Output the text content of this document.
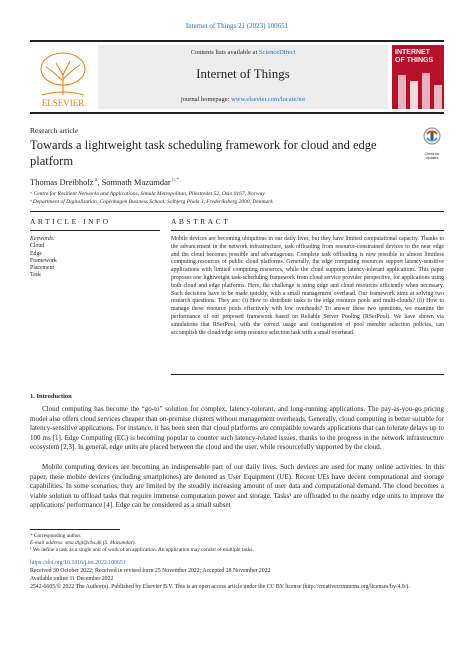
Internet of Things 21 (2023) 100651
ELSEVIER
Contents lists available at ScienceDirect
Internet of Things
journal homepage: www.elsevier.com/locate/iot
INTERNET OF THINGS
Research article
Towards a lightweight task scheduling framework for cloud and edge platform	Check for updates
Thomas Dreibholz $^a$, Somnath Mazumdar $^{b,*}$
ᵃ Centre for Resilient Networks and Applications, Simula Metropolitan, Pilestredet 52, Oslo 0167, Norway
ᵇ Department of Digitalization, Copenhagen Business School, Solbjerg Plads 3, Frederiksberg 2000, Denmark
ARTICLE INFO	ABSTRACT
Keywords:
Cloud
Edge
Framework
Placement
Task
Mobile devices are becoming ubiquitous in our daily lives, but they have limited computational capacity. Thanks to the advancement in the network infrastructure, task offloading from resource-constrained devices to the near edge and the cloud becomes possible and advantageous. Complete task offloading is now possible to almost limitless computing resources of public cloud platforms. Generally, the edge computing resources support latency-sensitive applications with limited computing resources, while the cloud supports latency-tolerant applications. This paper proposes one lightweight task-scheduling framework from cloud service provider perspective, for applications using both cloud and edge platforms. Here, the challenge is using edge and cloud resources efficiently when necessary. Such decisions have to be made quickly, with a small management overhead. Our framework aims at solving two research questions. They are: (i) How to distribute tasks to the edge resource pools and multi-clouds? (ii) How to manage these resource pools effectively with low overheads? To answer these two questions, we examine the performance of our proposed framework based on Reliable Server Pooling (RSerPool). We have shown via simulations that RSerPool, with the correct usage and configuration of pool member selection policies, can accomplish the cloud/edge setup resource selection task with a small overhead.
1. Introduction
Cloud computing has become the “go-to” solution for complex, latency-tolerant, and long-running applications. The pay-as-you-go pricing model also offers cloud services cheaper than on-premise clusters without management overheads. Generally, cloud computing is better suitable for latency-sensitive applications. For instance, it has been seen that cloud platforms are compatible towards applications that can tolerate delays up to 100 ms [1]. Edge Computing (EC) is becoming popular to counter such latency-related issues, thanks to the progress in the network infrastructure ecosystem [2,3]. In general, edge units are placed between the cloud and the user, while resourcefully supported by the cloud.
Mobile computing devices are becoming an indispensable part of our daily lives. Such devices are used for many online activities. In this paper, these mobile devices (including smartphones) are denoted as User Equipment (UE). Recent UEs have decent computational and storage capabilities. In some scenarios, they are limited by the steadily increasing amount of user data and computational demand. The cloud becomes a viable solution to offload tasks that require immense computation power and storage. Tasks¹ are offloaded to the nearby edge units to improve the applications' performance [4]. Edge can be considered as a small subset
* Corresponding author.
E-mail address: sma.digi@cbs.dk (S. Mazumdar).
¹ We define a task as a single unit of work of an application. An application may consist of multiple tasks.
https://doi.org/10.1016/j.iot.2022.100651
Received 30 October 2022; Received in revised form 25 November 2022; Accepted 28 November 2022
Available online 11 December 2022
2542-6605/© 2022 The Author(s). Published by Elsevier B.V. This is an open access article under the CC BY license (http://creativecommons.org/licenses/by/4.0/).
